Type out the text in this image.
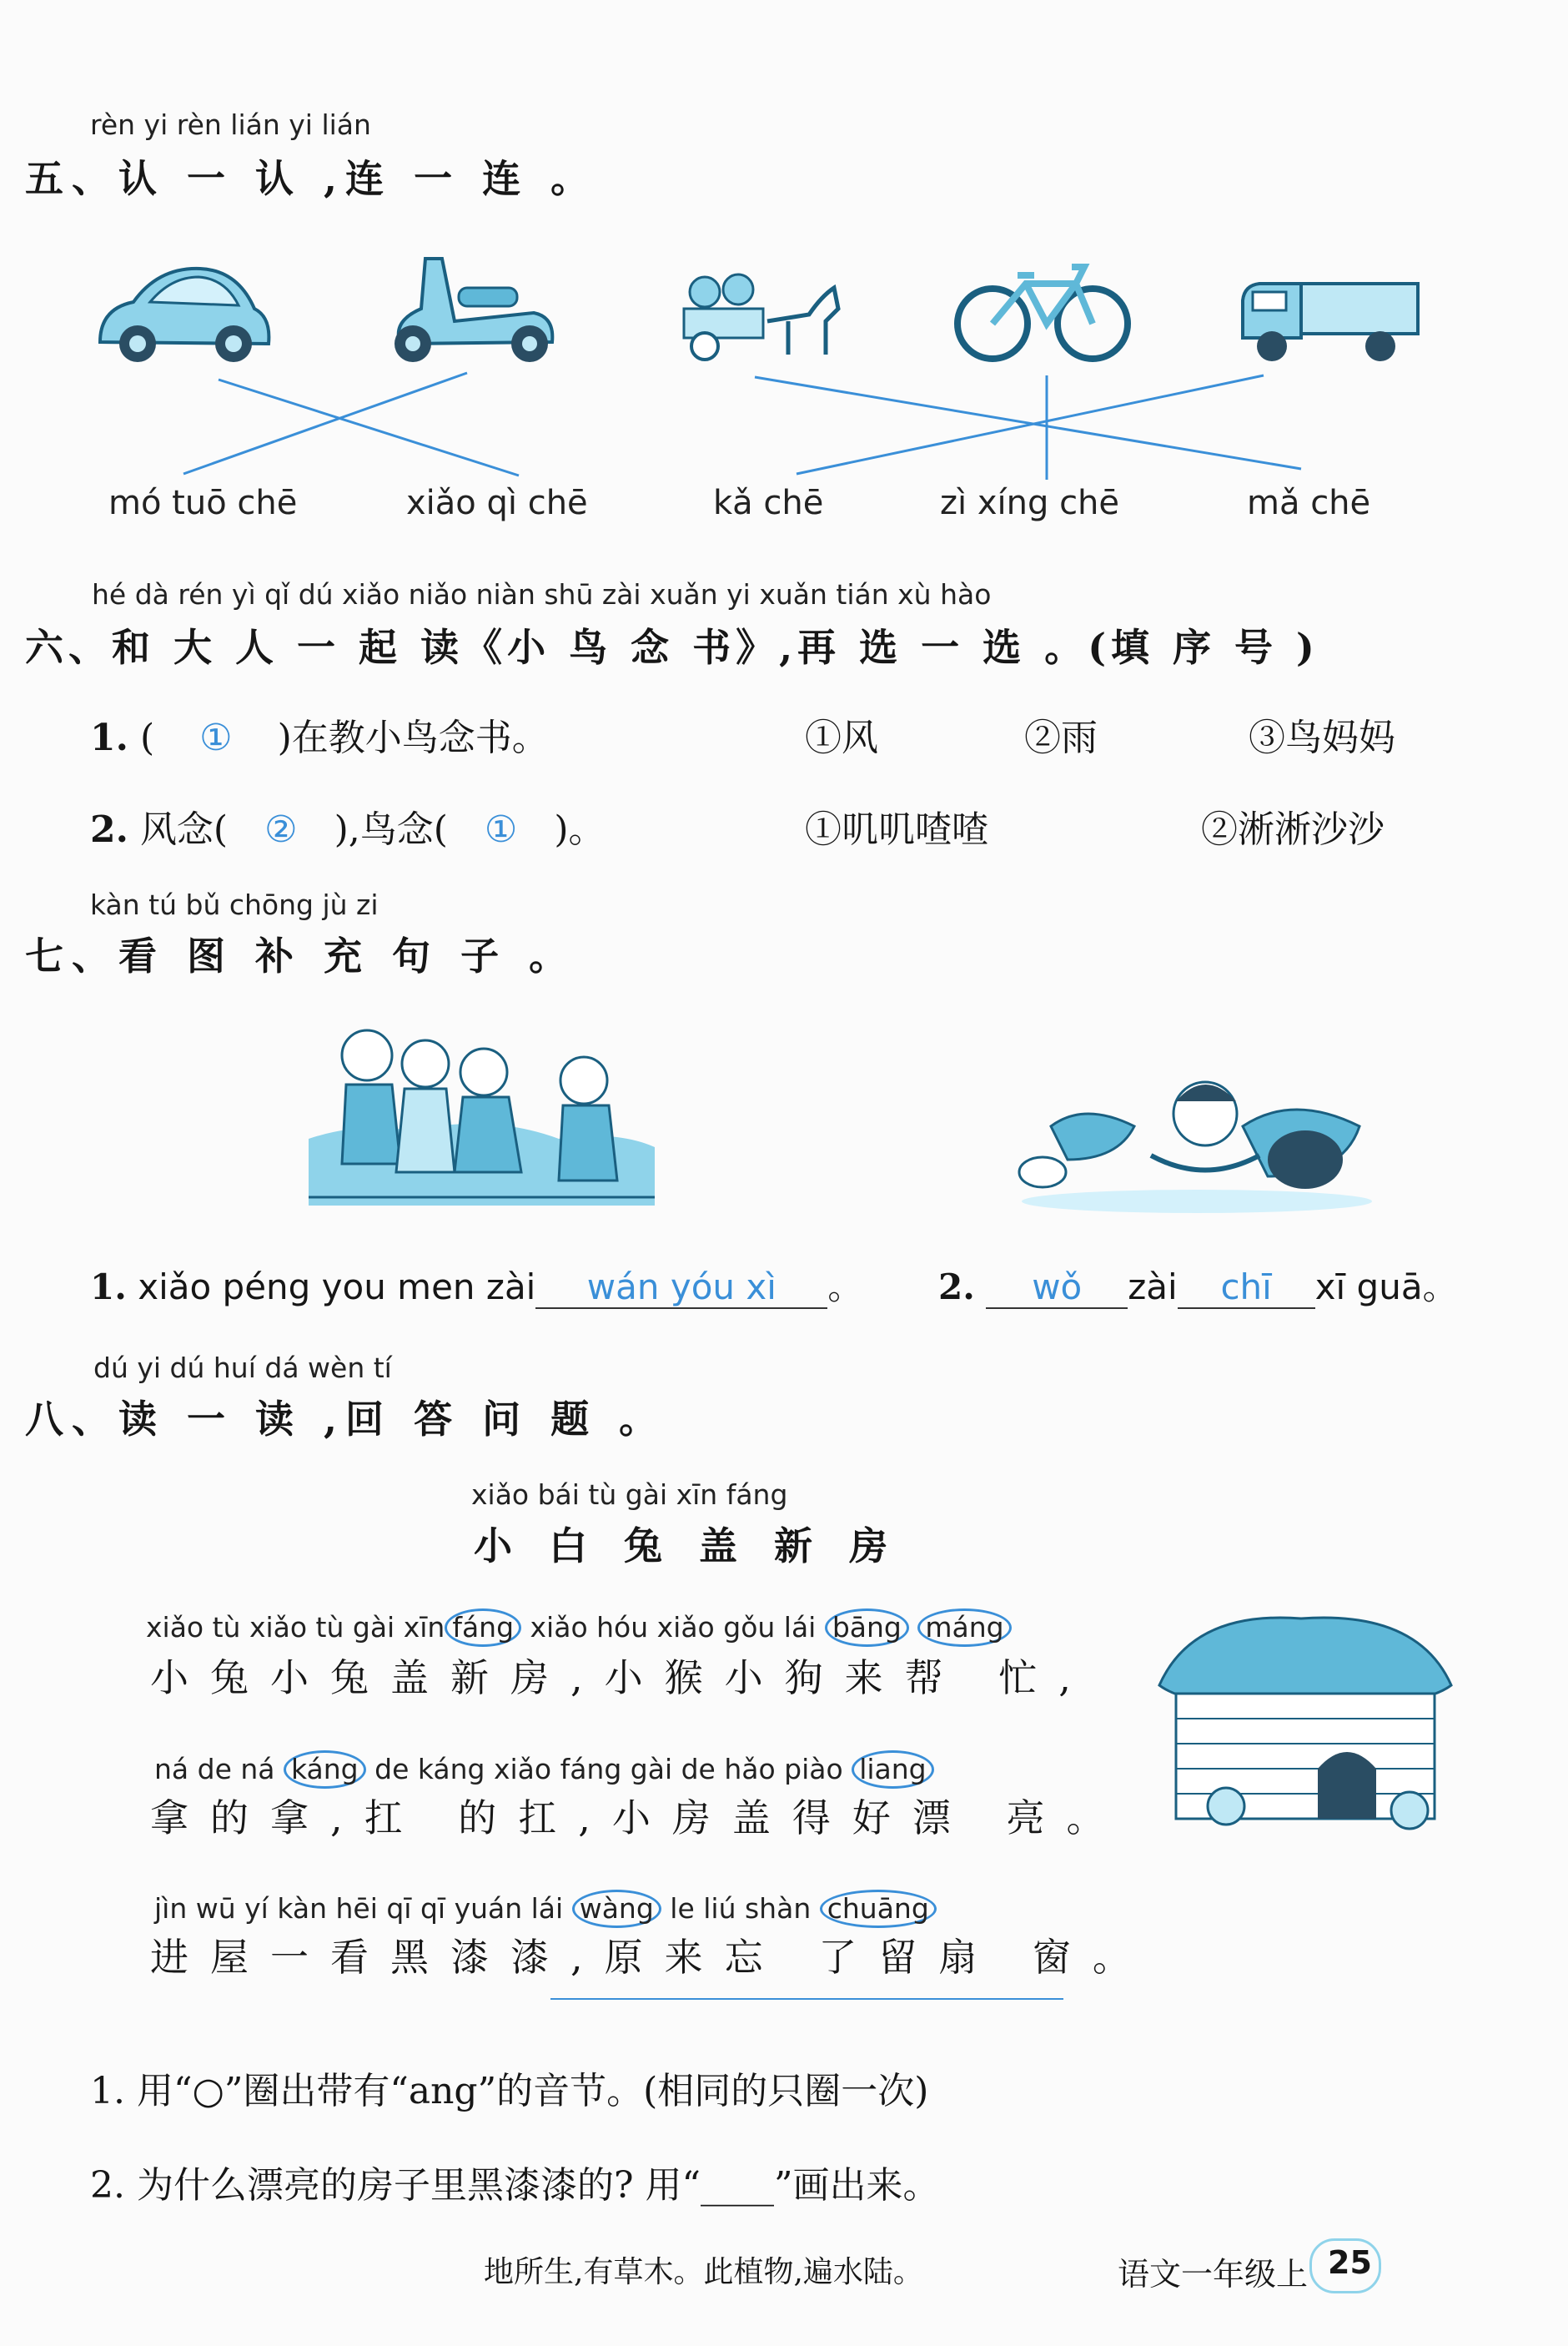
rèn yi rèn lián yi lián
五、认 一 认 ,连 一 连 。
mó tuō chē	xiǎo qì chē	kǎ chē	zì xíng chē	mǎ chē
hé dà rén yì qǐ dú xiǎo niǎo niàn shū zài xuǎn yi xuǎn tián xù hào
六、和 大 人 一 起 读《小 鸟 念 书》,再 选 一 选 。(填 序 号 )
1. ( ① )在教小鸟念书。	①风	②雨	③鸟妈妈
2. 风念( ② ),鸟念( ① )。	①叽叽喳喳	②淅淅沙沙
kàn tú bǔ chōng jù zi
七、看 图 补 充 句 子 。
1. xiǎo péng you men zài wán yóu xì 。 2. wǒ zài chī xī guā。
dú yi dú huí dá wèn tí
八、读 一 读 ,回 答 问 题 。
xiǎo bái tù gài xīn fáng
小 白 兔 盖 新 房
xiǎo tù xiǎo tù gài xīn fáng xiǎo hóu xiǎo gǒu lái bāng máng
小兔小兔盖新房,小猴小狗来帮 忙,
ná de ná káng de káng xiǎo fáng gài de hǎo piào liang
拿的拿,扛 的扛,小房盖得好漂 亮。
jìn wū yí kàn hēi qī qī yuán lái wàng le liú shàn chuāng
进屋一看黑漆漆,原来忘 了留扇 窗。
1. 用“○”圈出带有“ang”的音节。(相同的只圈一次)
2. 为什么漂亮的房子里黑漆漆的? 用“____”画出来。
地所生,有草木。此植物,遍水陆。	语文一年级上 25
